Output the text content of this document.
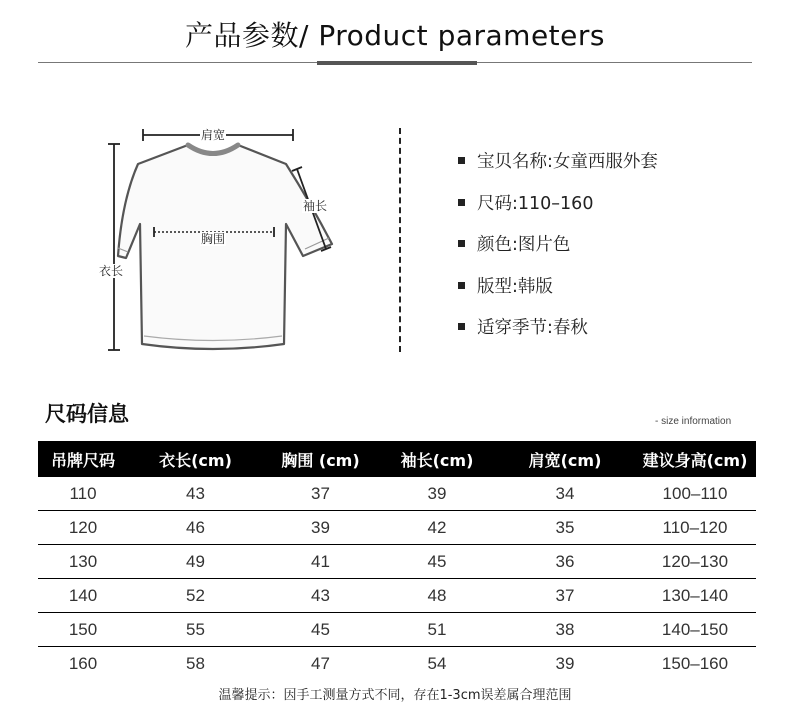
产品参数/ Product parameters
肩宽
袖长
胸围
衣长
宝贝名称:女童西服外套
尺码:110–160
颜色:图片色
版型:韩版
适穿季节:春秋
尺码信息	- size information
吊牌尺码	衣长(cm)	胸围 (cm)	袖长(cm)	肩宽(cm)	建议身高(cm)
110	43	37	39	34	100–110
120	46	39	42	35	110–120
130	49	41	45	36	120–130
140	52	43	48	37	130–140
150	55	45	51	38	140–150
160	58	47	54	39	150–160
温馨提示：因手工测量方式不同，存在1-3cm误差属合理范围
